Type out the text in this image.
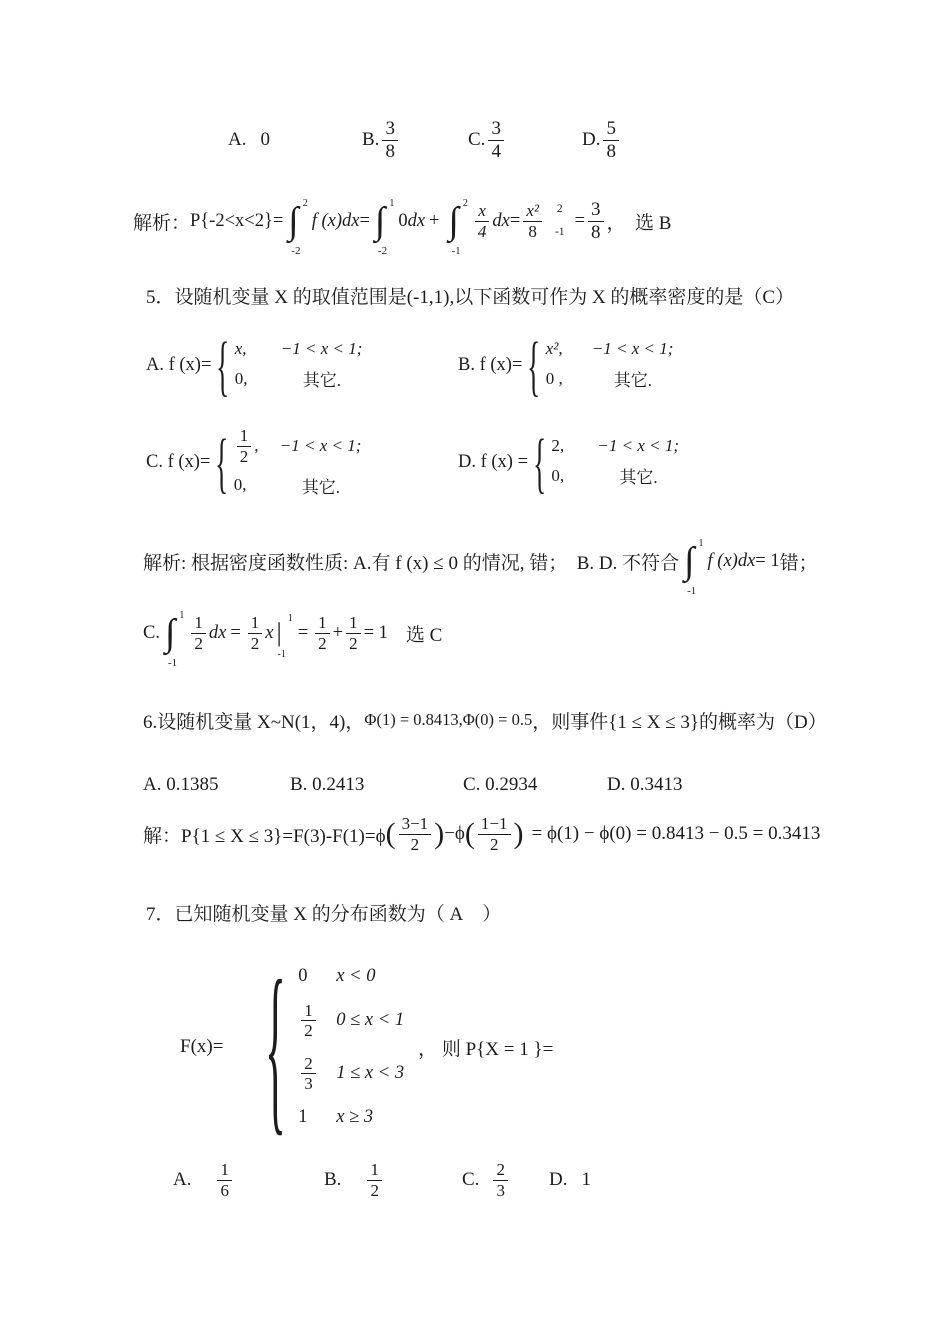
A. 0	B. $\frac{3}{8}$	C. $\frac{3}{4}$	D. $\frac{5}{8}$
解析： P{-2<x<2}= ∫ 2
-2
f (x)dx = ∫ 1
-2
0 dx + ∫ 2
-1
$\frac{x}{4}$ dx = $\frac{\text{x²}}{8} 2$
-1
= $\frac{3}{8}$ ，  选 B
5．设随机变量 X 的取值范围是(-1,1),以下函数可作为 X 的概率密度的是（C）
A. f (x)= { x,	−1 < x < 1;
0,	其它.
B. f (x)= { x²,	−1 < x < 1;
0 ,	其它.
C. f (x)= { $\frac{1}{2}$ , −1 < x < 1;
0,	其它.
D. f (x) = { 2,	−1 < x < 1;
0,	其它.
解析: 根据密度函数性质: A.有 f (x) ≤ 0 的情况, 错；  B. D. 不符合 ∫ 1
-1
f (x)dx = 1 错；
C. ∫ 1
-1
$\frac{1}{2}$ dx = $\frac{1}{2}$ x | 1
-1
= $\frac{1}{2} + \frac{1}{2} = 1$ 选 C
6.设随机变量 X~N(1，4)， Φ(1) = 0.8413,Φ(0) = 0.5 ，则事件{1 ≤ X ≤ 3}的概率为（D）
A. 0.1385	B. 0.2413	C. 0.2934	D. 0.3413
解：P{1 ≤ X ≤ 3}=F(3)-F(1)=ϕ ( $\frac{3-1}{2}$ ) −ϕ ( $\frac{1-1}{2}$ ) = ϕ(1) − ϕ(0) = 0.8413 − 0.5 = 0.3413
7．已知随机变量 X 的分布函数为（ A    ）
F(x)= { 0	x < 0
$\frac{1}{2} 0 \le x < 1$
$\frac{2}{3} 1 \le x < 3$
1	x ≥ 3
， 则 P{X = 1 }=
A. $\frac{1}{6}$	B. $\frac{1}{2}$	C. $\frac{2}{3} D$. 1
